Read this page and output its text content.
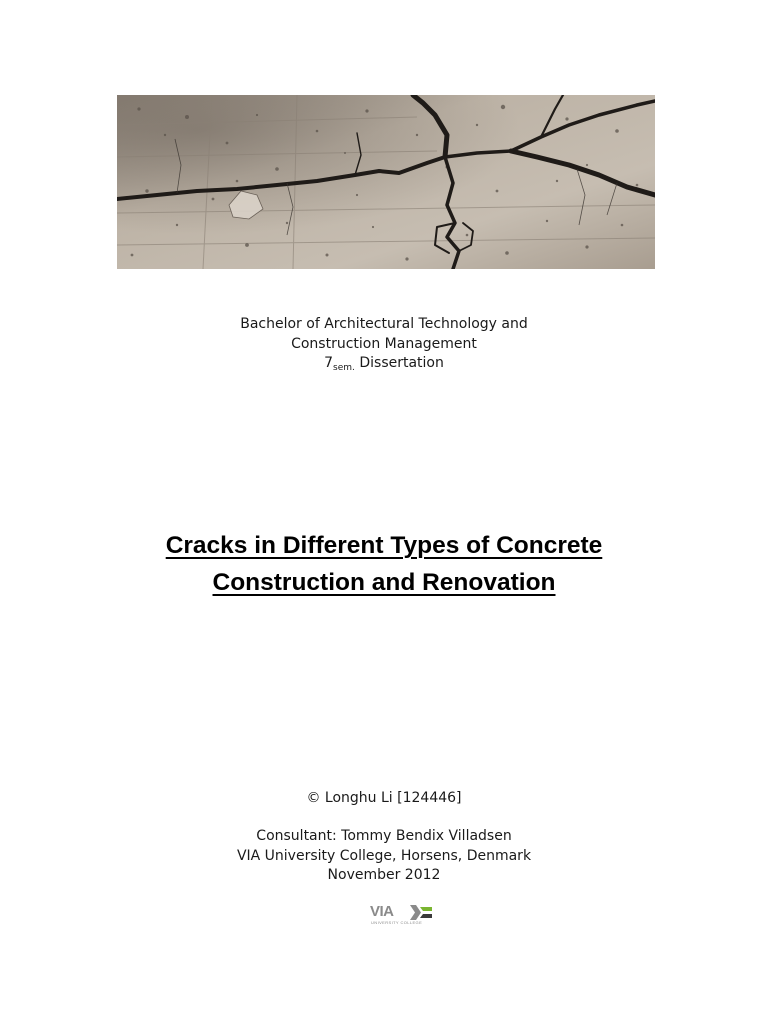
Bachelor of Architectural Technology and
Construction Management
$7_{sem.}$ Dissertation
Cracks in Different Types of Concrete
Construction and Renovation
© Longhu Li [124446]
Consultant: Tommy Bendix Villadsen
VIA University College, Horsens, Denmark
November 2012
VIA
UNIVERSITY COLLEGE
